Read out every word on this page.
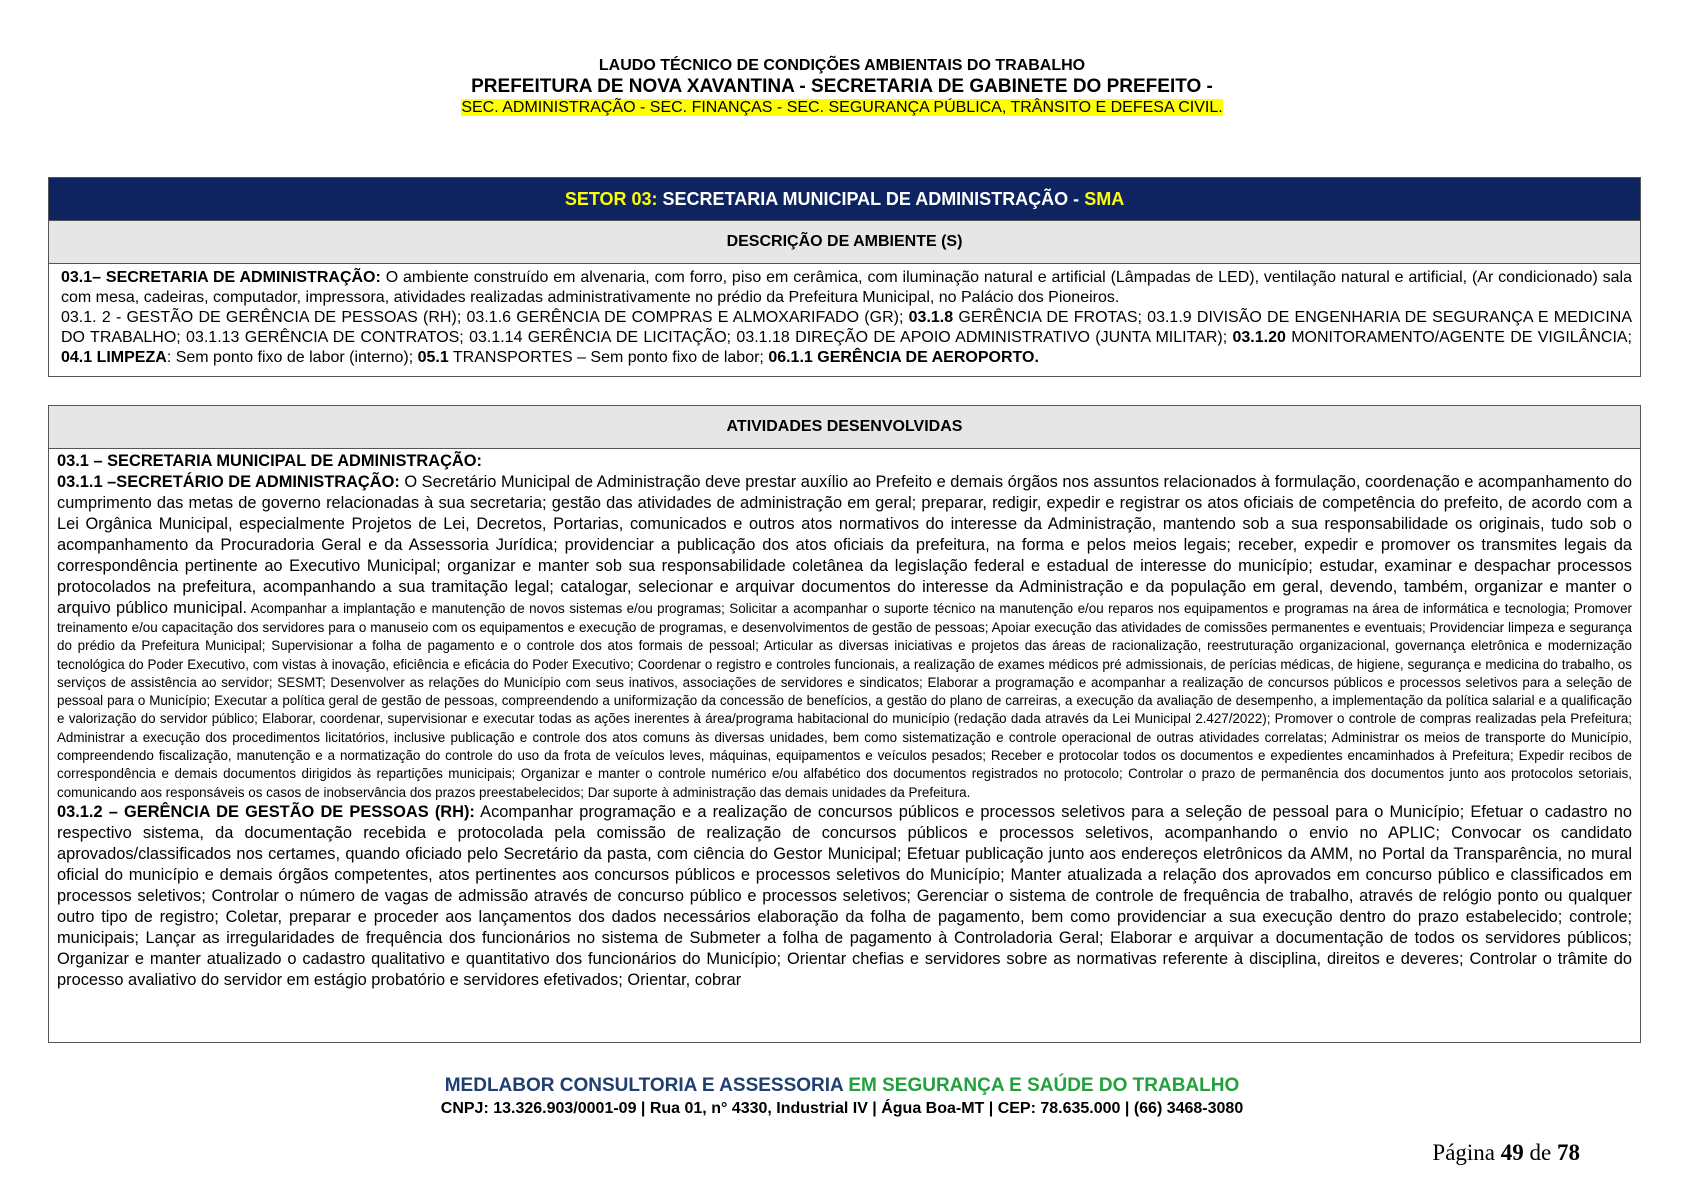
LAUDO TÉCNICO DE CONDIÇÕES AMBIENTAIS DO TRABALHO
PREFEITURA DE NOVA XAVANTINA - SECRETARIA DE GABINETE DO PREFEITO -
SEC. ADMINISTRAÇÃO - SEC. FINANÇAS - SEC. SEGURANÇA PÚBLICA, TRÂNSITO E DEFESA CIVIL.
SETOR 03: SECRETARIA MUNICIPAL DE ADMINISTRAÇÃO - SMA
DESCRIÇÃO DE AMBIENTE (S)
03.1– SECRETARIA DE ADMINISTRAÇÃO: O ambiente construído em alvenaria, com forro, piso em cerâmica, com iluminação natural e artificial (Lâmpadas de LED), ventilação natural e artificial, (Ar condicionado) sala com mesa, cadeiras, computador, impressora, atividades realizadas administrativamente no prédio da Prefeitura Municipal, no Palácio dos Pioneiros.
03.1. 2 - GESTÃO DE GERÊNCIA DE PESSOAS (RH); 03.1.6 GERÊNCIA DE COMPRAS E ALMOXARIFADO (GR); 03.1.8 GERÊNCIA DE FROTAS; 03.1.9 DIVISÃO DE ENGENHARIA DE SEGURANÇA E MEDICINA DO TRABALHO; 03.1.13 GERÊNCIA DE CONTRATOS; 03.1.14 GERÊNCIA DE LICITAÇÃO; 03.1.18 DIREÇÃO DE APOIO ADMINISTRATIVO (JUNTA MILITAR); 03.1.20 MONITORAMENTO/AGENTE DE VIGILÂNCIA; 04.1 LIMPEZA: Sem ponto fixo de labor (interno); 05.1 TRANSPORTES – Sem ponto fixo de labor; 06.1.1 GERÊNCIA DE AEROPORTO.
ATIVIDADES DESENVOLVIDAS

03.1 – SECRETARIA MUNICIPAL DE ADMINISTRAÇÃO:

03.1.1 –SECRETÁRIO DE ADMINISTRAÇÃO: O Secretário Municipal de Administração deve prestar auxílio ao Prefeito e demais órgãos nos assuntos relacionados à formulação, coordenação e acompanhamento do cumprimento das metas de governo relacionadas à sua secretaria; gestão das atividades de administração em geral; preparar, redigir, expedir e registrar os atos oficiais de competência do prefeito, de acordo com a Lei Orgânica Municipal, especialmente Projetos de Lei, Decretos, Portarias, comunicados e outros atos normativos do interesse da Administração, mantendo sob a sua responsabilidade os originais, tudo sob o acompanhamento da Procuradoria Geral e da Assessoria Jurídica; providenciar a publicação dos atos oficiais da prefeitura, na forma e pelos meios legais; receber, expedir e promover os transmites legais da correspondência pertinente ao Executivo Municipal; organizar e manter sob sua responsabilidade coletânea da legislação federal e estadual de interesse do município; estudar, examinar e despachar processos protocolados na prefeitura, acompanhando a sua tramitação legal; catalogar, selecionar e arquivar documentos do interesse da Administração e da população em geral, devendo, também, organizar e manter o arquivo público municipal. Acompanhar a implantação e manutenção de novos sistemas e/ou programas; Solicitar a acompanhar o suporte técnico na manutenção e/ou reparos nos equipamentos e programas na área de informática e tecnologia; Promover treinamento e/ou capacitação dos servidores para o manuseio com os equipamentos e execução de programas, e desenvolvimentos de gestão de pessoas; Apoiar execução das atividades de comissões permanentes e eventuais; Providenciar limpeza e segurança do prédio da Prefeitura Municipal; Supervisionar a folha de pagamento e o controle dos atos formais de pessoal; Articular as diversas iniciativas e projetos das áreas de racionalização, reestruturação organizacional, governança eletrônica e modernização tecnológica do Poder Executivo, com vistas à inovação, eficiência e eficácia do Poder Executivo; Coordenar o registro e controles funcionais, a realização de exames médicos pré admissionais, de perícias médicas, de higiene, segurança e medicina do trabalho, os serviços de assistência ao servidor; SESMT; Desenvolver as relações do Município com seus inativos, associações de servidores e sindicatos; Elaborar a programação e acompanhar a realização de concursos públicos e processos seletivos para a seleção de pessoal para o Município; Executar a política geral de gestão de pessoas, compreendendo a uniformização da concessão de benefícios, a gestão do plano de carreiras, a execução da avaliação de desempenho, a implementação da política salarial e a qualificação e valorização do servidor público; Elaborar, coordenar, supervisionar e executar todas as ações inerentes à área/programa habitacional do município (redação dada através da Lei Municipal 2.427/2022); Promover o controle de compras realizadas pela Prefeitura; Administrar a execução dos procedimentos licitatórios, inclusive publicação e controle dos atos comuns às diversas unidades, bem como sistematização e controle operacional de outras atividades correlatas; Administrar os meios de transporte do Município, compreendendo fiscalização, manutenção e a normatização do controle do uso da frota de veículos leves, máquinas, equipamentos e veículos pesados; Receber e protocolar todos os documentos e expedientes encaminhados à Prefeitura; Expedir recibos de correspondência e demais documentos dirigidos às repartições municipais; Organizar e manter o controle numérico e/ou alfabético dos documentos registrados no protocolo; Controlar o prazo de permanência dos documentos junto aos protocolos setoriais, comunicando aos responsáveis os casos de inobservância dos prazos preestabelecidos; Dar suporte à administração das demais unidades da Prefeitura.

03.1.2 – GERÊNCIA DE GESTÃO DE PESSOAS (RH): Acompanhar programação e a realização de concursos públicos e processos seletivos para a seleção de pessoal para o Município; Efetuar o cadastro no respectivo sistema, da documentação recebida e protocolada pela comissão de realização de concursos públicos e processos seletivos, acompanhando o envio no APLIC; Convocar os candidato aprovados/classificados nos certames, quando oficiado pelo Secretário da pasta, com ciência do Gestor Municipal; Efetuar publicação junto aos endereços eletrônicos da AMM, no Portal da Transparência, no mural oficial do município e demais órgãos competentes, atos pertinentes aos concursos públicos e processos seletivos do Município; Manter atualizada a relação dos aprovados em concurso público e classificados em processos seletivos; Controlar o número de vagas de admissão através de concurso público e processos seletivos; Gerenciar o sistema de controle de frequência de trabalho, através de relógio ponto ou qualquer outro tipo de registro; Coletar, preparar e proceder aos lançamentos dos dados necessários elaboração da folha de pagamento, bem como providenciar a sua execução dentro do prazo estabelecido; controle; municipais; Lançar as irregularidades de frequência dos funcionários no sistema de Submeter a folha de pagamento à Controladoria Geral; Elaborar e arquivar a documentação de todos os servidores públicos; Organizar e manter atualizado o cadastro qualitativo e quantitativo dos funcionários do Município; Orientar chefias e servidores sobre as normativas referente à disciplina, direitos e deveres; Controlar o trâmite do processo avaliativo do servidor em estágio probatório e servidores efetivados; Orientar, cobrar

MEDLABOR CONSULTORIA E ASSESSORIA EM SEGURANÇA E SAÚDE DO TRABALHO
CNPJ: 13.326.903/0001-09 | Rua 01, n° 4330, Industrial IV | Água Boa-MT | CEP: 78.635.000 | (66) 3468-3080
Página 49 de 78
